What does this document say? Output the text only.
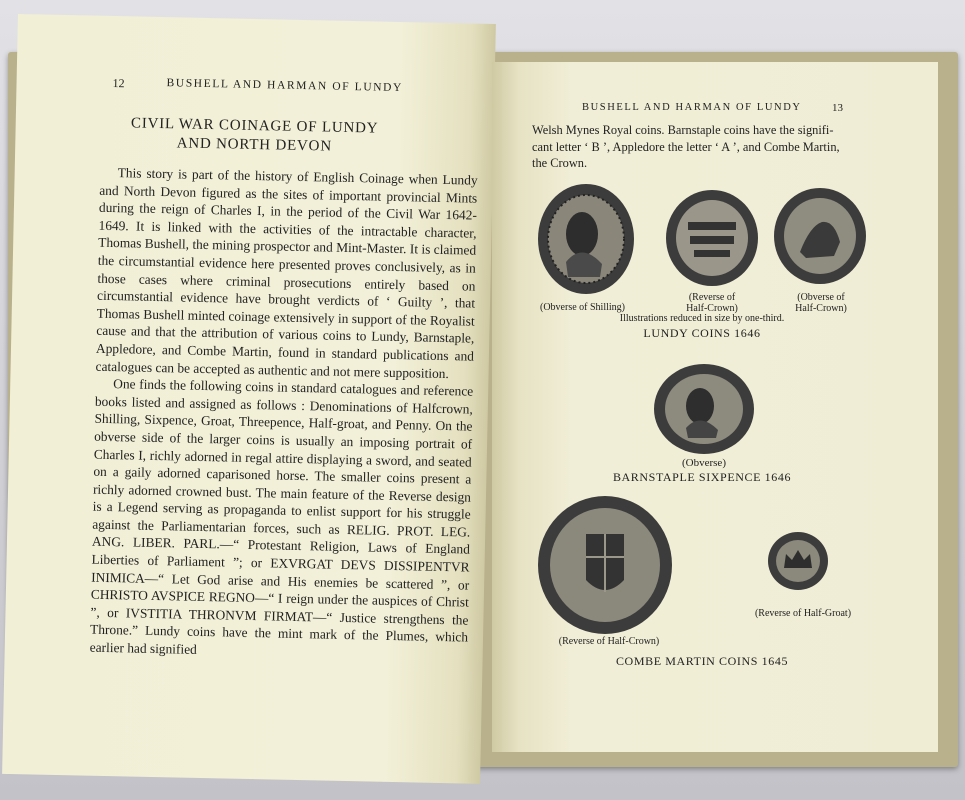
12	BUSHELL AND HARMAN OF LUNDY
CIVIL WAR COINAGE OF LUNDY
AND NORTH DEVON

This story is part of the history of English Coinage when Lundy and North Devon figured as the sites of important provincial Mints during the reign of Charles I, in the period of the Civil War 1642-1649. It is linked with the activities of the intractable character, Thomas Bushell, the mining prospector and Mint-Master. It is claimed the circumstantial evidence here presented proves conclusively, as in those cases where criminal prosecutions entirely based on circumstantial evidence have brought verdicts of ‘ Guilty ’, that Thomas Bushell minted coinage extensively in support of the Royalist cause and that the attribution of various coins to Lundy, Barnstaple, Appledore, and Combe Martin, found in standard publications and catalogues can be accepted as authentic and not mere supposition.

One finds the following coins in standard catalogues and reference books listed and assigned as follows : Denominations of Halfcrown, Shilling, Sixpence, Groat, Threepence, Half-groat, and Penny. On the obverse side of the larger coins is usually an imposing portrait of Charles I, richly adorned in regal attire displaying a sword, and seated on a gaily adorned caparisoned horse. The smaller coins present a richly adorned crowned bust. The main feature of the Reverse design is a Legend serving as propaganda to enlist support for his struggle against the Parliamentarian forces, such as RELIG. PROT. LEG. ANG. LIBER. PARL.—“ Protestant Religion, Laws of England Liberties of Parliament ”; or EXVRGAT DEVS DISSIPENTVR INIMICA—“ Let God arise and His enemies be scattered ”, or CHRISTO AVSPICE REGNO—“ I reign under the auspices of Christ ”, or IVSTITIA THRONVM FIRMAT—“ Justice strengthens the Throne.” Lundy coins have the mint mark of the Plumes, which earlier had signified

BUSHELL AND HARMAN OF LUNDY	13
Welsh Mynes Royal coins. Barnstaple coins have the signifi-
cant letter ‘ B ’, Appledore the letter ‘ A ’, and Combe Martin,
the Crown.
(Obverse of Shilling)
(Reverse of
Half-Crown)
(Obverse of
Half-Crown)
Illustrations reduced in size by one-third.
LUNDY COINS 1646
(Obverse)
BARNSTAPLE SIXPENCE 1646
(Reverse of Half-Groat)
(Reverse of Half-Crown)
COMBE MARTIN COINS 1645
